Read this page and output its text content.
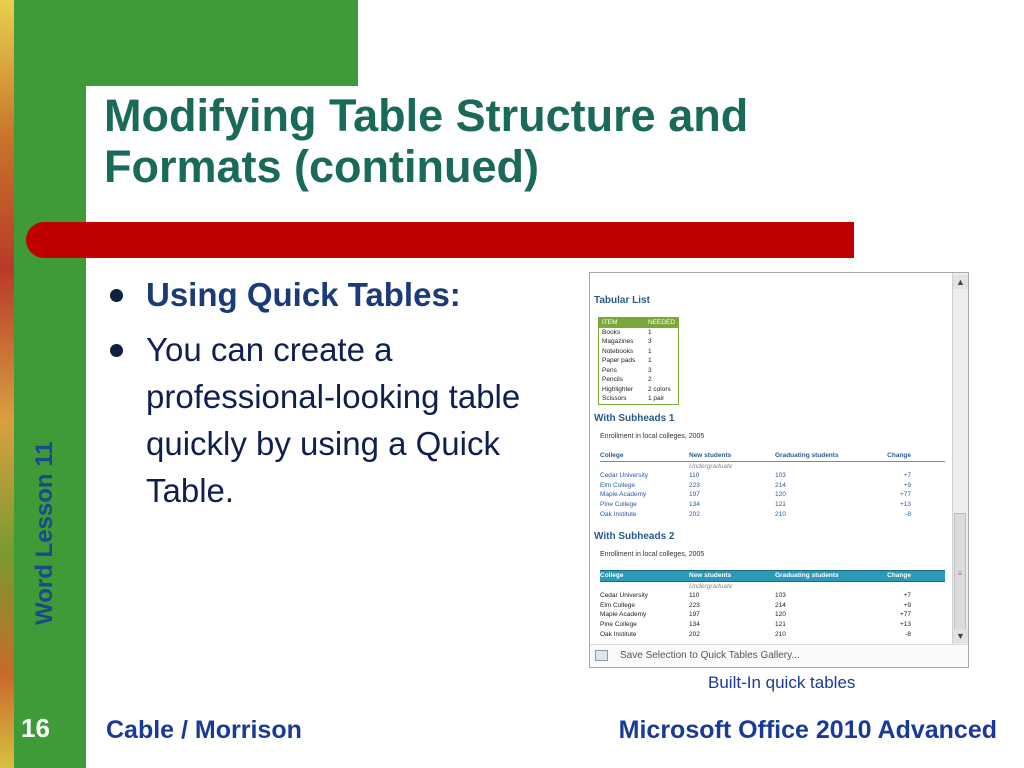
Modifying Table Structure and Formats (continued)
Word Lesson 11
Using Quick Tables:
You can create a professional-looking table quickly by using a Quick Table.
▲
≡
▼
Tabular List
ITEM	NEEDED
Books	1
Magazines	3
Notebooks	1
Paper pads	1
Pens	3
Pencils	2
Highlighter	2 colors
Scissors	1 pair
With Subheads 1
Enrollment in local colleges, 2005
College	New students	Graduating students	Change
Undergraduate
Cedar University	110	103	+7
Elm College	223	214	+9
Maple Academy	197	120	+77
Pine College	134	121	+13
Oak Institute	202	210	-8
With Subheads 2
Enrollment in local colleges, 2005
College	New students	Graduating students	Change
Undergraduate
Cedar University	110	103	+7
Elm College	223	214	+9
Maple Academy	197	120	+77
Pine College	134	121	+13
Oak Institute	202	210	-8
Save Selection to Quick Tables Gallery...
Built-In quick tables
16 Cable / Morrison	Microsoft Office 2010 Advanced
